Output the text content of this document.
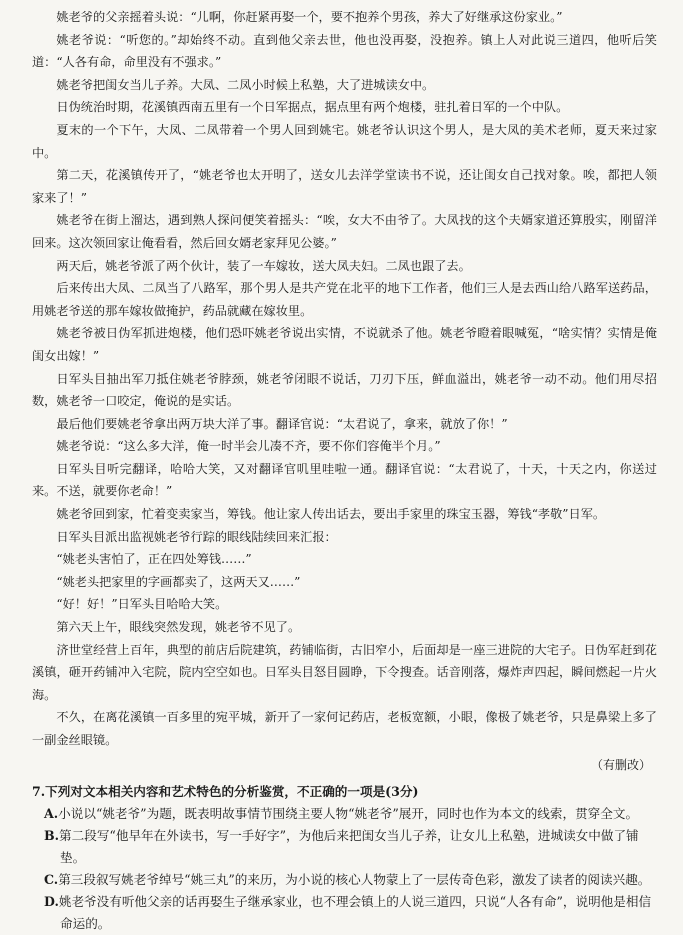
姚老爷的父亲摇着头说：“儿啊，你赶紧再娶一个，要不抱养个男孩，养大了好继承这份家业。”

姚老爷说：“听您的。”却始终不动。直到他父亲去世，他也没再娶，没抱养。镇上人对此说三道四，他听后笑道：“人各有命，命里没有不强求。”

姚老爷把闺女当儿子养。大凤、二凤小时候上私塾，大了进城读女中。

日伪统治时期，花溪镇西南五里有一个日军据点，据点里有两个炮楼，驻扎着日军的一个中队。

夏末的一个下午，大凤、二凤带着一个男人回到姚宅。姚老爷认识这个男人，是大凤的美术老师，夏天来过家中。

第二天，花溪镇传开了，“姚老爷也太开明了，送女儿去洋学堂读书不说，还让闺女自己找对象。唉，都把人领家来了！”

姚老爷在街上溜达，遇到熟人探问便笑着摇头：“唉，女大不由爷了。大凤找的这个夫婿家道还算殷实，刚留洋回来。这次领回家让俺看看，然后回女婿老家拜见公婆。”

两天后，姚老爷派了两个伙计，装了一车嫁妆，送大凤夫妇。二凤也跟了去。

后来传出大凤、二凤当了八路军，那个男人是共产党在北平的地下工作者，他们三人是去西山给八路军送药品，用姚老爷送的那车嫁妆做掩护，药品就藏在嫁妆里。

姚老爷被日伪军抓进炮楼，他们恐吓姚老爷说出实情，不说就杀了他。姚老爷瞪着眼喊冤，“啥实情？实情是俺闺女出嫁！”

日军头目抽出军刀抵住姚老爷脖颈，姚老爷闭眼不说话，刀刃下压，鲜血溢出，姚老爷一动不动。他们用尽招数，姚老爷一口咬定，俺说的是实话。

最后他们要姚老爷拿出两万块大洋了事。翻译官说：“太君说了，拿来，就放了你！”

姚老爷说：“这么多大洋，俺一时半会儿凑不齐，要不你们容俺半个月。”

日军头目听完翻译，哈哈大笑，又对翻译官叽里哇啦一通。翻译官说：“太君说了，十天，十天之内，你送过来。不送，就要你老命！”

姚老爷回到家，忙着变卖家当，筹钱。他让家人传出话去，要出手家里的珠宝玉器，筹钱“孝敬”日军。

日军头目派出监视姚老爷行踪的眼线陆续回来汇报：

“姚老头害怕了，正在四处筹钱……”

“姚老头把家里的字画都卖了，这两天又……”

“好！好！”日军头目哈哈大笑。

第六天上午，眼线突然发现，姚老爷不见了。

济世堂经营上百年，典型的前店后院建筑，药铺临街，古旧窄小，后面却是一座三进院的大宅子。日伪军赶到花溪镇，砸开药铺冲入宅院，院内空空如也。日军头目怒目圆睁，下令搜查。话音刚落，爆炸声四起，瞬间燃起一片火海。

不久，在离花溪镇一百多里的宛平城，新开了一家何记药店，老板宽额，小眼，像极了姚老爷，只是鼻梁上多了一副金丝眼镜。

（有删改）

7.下列对文本相关内容和艺术特色的分析鉴赏，不正确的一项是(3分)

A.小说以“姚老爷”为题，既表明故事情节围绕主要人物“姚老爷”展开，同时也作为本文的线索，贯穿全文。

B.第二段写“他早年在外读书，写一手好字”，为他后来把闺女当儿子养，让女儿上私塾，进城读女中做了铺垫。

C.第三段叙写姚老爷绰号“姚三丸”的来历，为小说的核心人物蒙上了一层传奇色彩，激发了读者的阅读兴趣。

D.姚老爷没有听他父亲的话再娶生子继承家业，也不理会镇上的人说三道四，只说“人各有命”，说明他是相信命运的。
